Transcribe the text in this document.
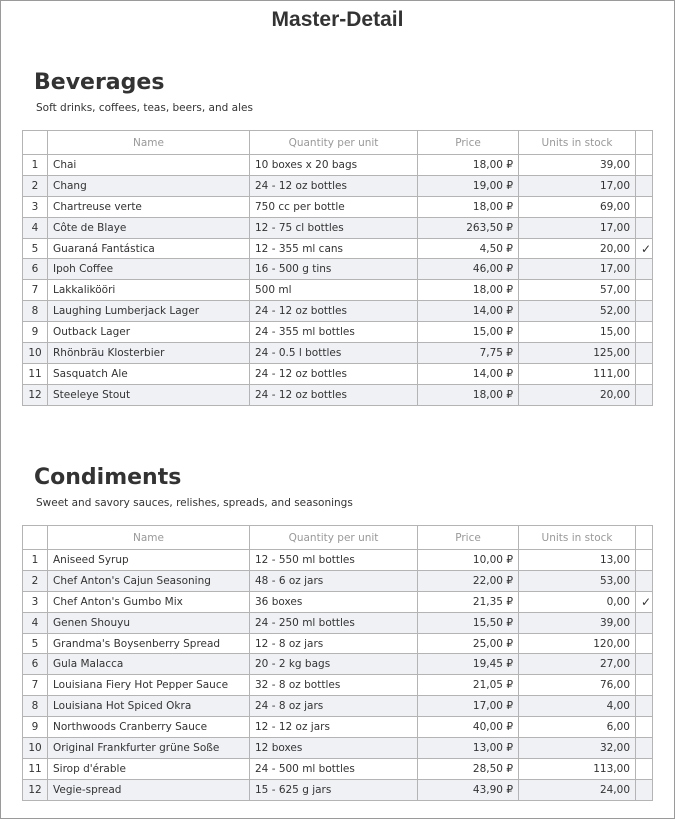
Master-Detail
Beverages
Soft drinks, coffees, teas, beers, and ales
	Name	Quantity per unit	Price	Units in stock	
1	Chai	10 boxes x 20 bags	18,00 ₽	39,00	
2	Chang	24 - 12 oz bottles	19,00 ₽	17,00	
3	Chartreuse verte	750 cc per bottle	18,00 ₽	69,00	
4	Côte de Blaye	12 - 75 cl bottles	263,50 ₽	17,00	
5	Guaraná Fantástica	12 - 355 ml cans	4,50 ₽	20,00	✓
6	Ipoh Coffee	16 - 500 g tins	46,00 ₽	17,00	
7	Lakkalikööri	500 ml	18,00 ₽	57,00	
8	Laughing Lumberjack Lager	24 - 12 oz bottles	14,00 ₽	52,00	
9	Outback Lager	24 - 355 ml bottles	15,00 ₽	15,00	
10	Rhönbräu Klosterbier	24 - 0.5 l bottles	7,75 ₽	125,00	
11	Sasquatch Ale	24 - 12 oz bottles	14,00 ₽	111,00	
12	Steeleye Stout	24 - 12 oz bottles	18,00 ₽	20,00	
Condiments
Sweet and savory sauces, relishes, spreads, and seasonings
	Name	Quantity per unit	Price	Units in stock	
1	Aniseed Syrup	12 - 550 ml bottles	10,00 ₽	13,00	
2	Chef Anton's Cajun Seasoning	48 - 6 oz jars	22,00 ₽	53,00	
3	Chef Anton's Gumbo Mix	36 boxes	21,35 ₽	0,00	✓
4	Genen Shouyu	24 - 250 ml bottles	15,50 ₽	39,00	
5	Grandma's Boysenberry Spread	12 - 8 oz jars	25,00 ₽	120,00	
6	Gula Malacca	20 - 2 kg bags	19,45 ₽	27,00	
7	Louisiana Fiery Hot Pepper Sauce	32 - 8 oz bottles	21,05 ₽	76,00	
8	Louisiana Hot Spiced Okra	24 - 8 oz jars	17,00 ₽	4,00	
9	Northwoods Cranberry Sauce	12 - 12 oz jars	40,00 ₽	6,00	
10	Original Frankfurter grüne Soße	12 boxes	13,00 ₽	32,00	
11	Sirop d'érable	24 - 500 ml bottles	28,50 ₽	113,00	
12	Vegie-spread	15 - 625 g jars	43,90 ₽	24,00	
